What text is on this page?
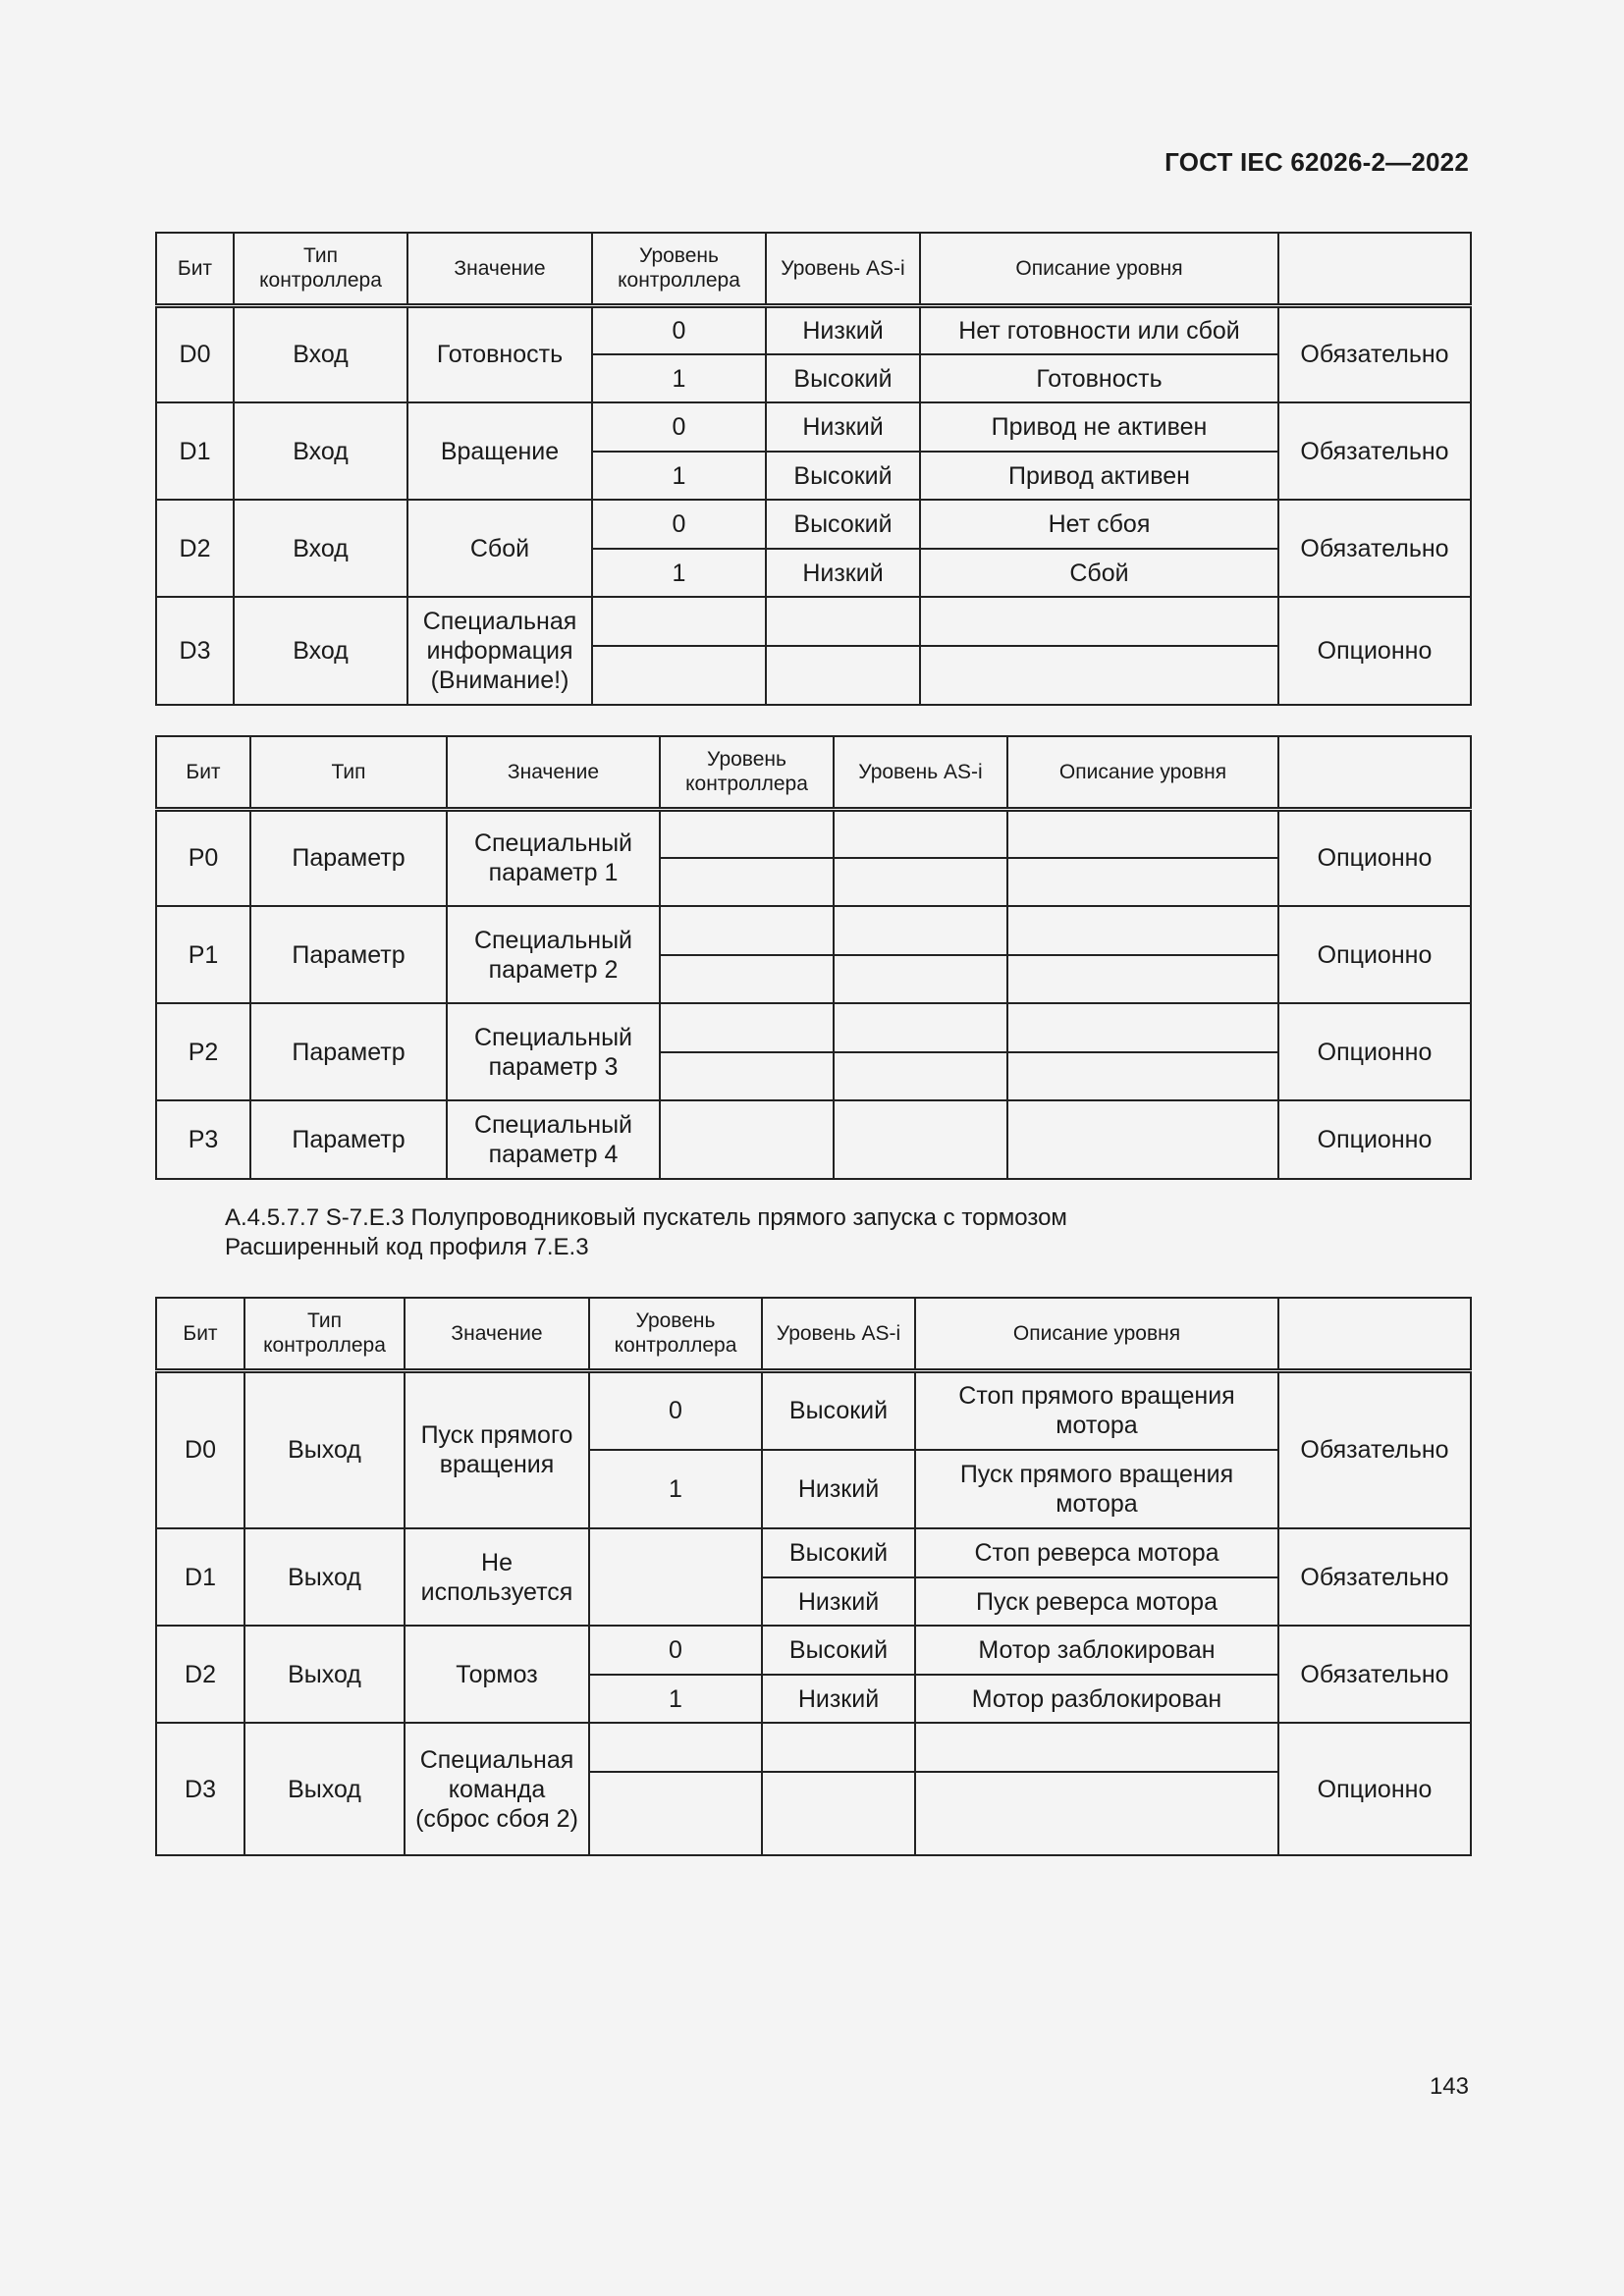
ГОСТ IEC 62026-2—2022
Бит	Тип контроллера	Значение	Уровень контроллера	Уровень AS-i	Описание уровня	
D0	Вход	Готовность	0	Низкий	Нет готовности или сбой	Обязательно
			1	Высокий	Готовность	
D1	Вход	Вращение	0	Низкий	Привод не активен	Обязательно
			1	Высокий	Привод активен	
D2	Вход	Сбой	0	Высокий	Нет сбоя	Обязательно
			1	Низкий	Сбой	
D3	Вход	Специальная информация (Внимание!)				Опционно

Бит	Тип	Значение	Уровень контроллера	Уровень AS-i	Описание уровня	
P0	Параметр	Специальный параметр 1				Опционно

P1	Параметр	Специальный параметр 2				Опционно

P2	Параметр	Специальный параметр 3				Опционно

P3	Параметр	Специальный параметр 4				Опционно
А.4.5.7.7 S-7.E.3 Полупроводниковый пускатель прямого запуска с тормозом
Расширенный код профиля 7.E.3
Бит	Тип контроллера	Значение	Уровень контроллера	Уровень AS-i	Описание уровня	
D0	Выход	Пуск прямого вращения	0	Высокий	Стоп прямого вращения мотора	Обязательно
			1	Низкий	Пуск прямого вращения мотора	
D1	Выход	Не используется		Высокий	Стоп реверса мотора	Обязательно
				Низкий	Пуск реверса мотора	
D2	Выход	Тормоз	0	Высокий	Мотор заблокирован	Обязательно
			1	Низкий	Мотор разблокирован	
D3	Выход	Специальная команда (сброс сбоя 2)				Опционно

143
